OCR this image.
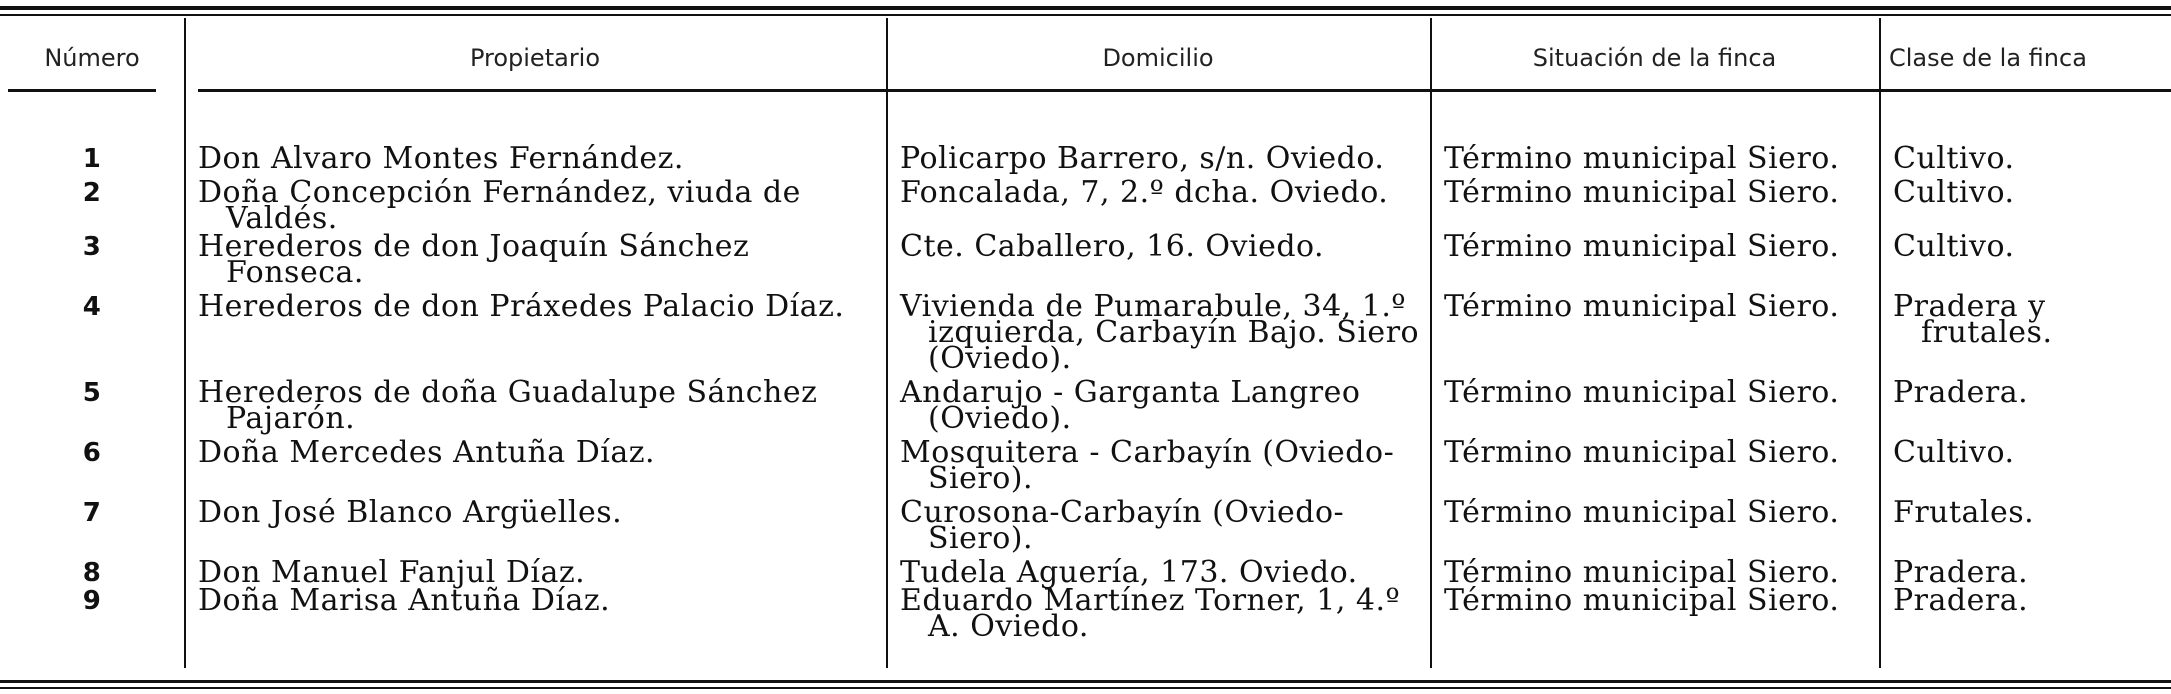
Número	Propietario	Domicilio	Situación de la finca	Clase de la finca

1	Don Alvaro Montes Fernández.	Policarpo Barrero, s/n. Oviedo.	Término municipal Siero.	Cultivo.
2	Doña Concepción Fernández, viuda de Valdés.	Foncalada, 7, 2.º dcha. Oviedo.	Término municipal Siero.	Cultivo.
3	Herederos de don Joaquín Sánchez Fonseca.	Cte. Caballero, 16. Oviedo.	Término municipal Siero.	Cultivo.
4	Herederos de don Práxedes Palacio Díaz.	Vivienda de Pumarabule, 34, 1.º izquierda, Carbayín Bajo. Siero (Oviedo).	Término municipal Siero.	Pradera y frutales.

5	Herederos de doña Guadalupe Sánchez Pajarón.	Andarujo - Garganta Langreo (Oviedo).	Término municipal Siero.	Pradera.
6	Doña Mercedes Antuña Díaz.	Mosquitera - Carbayín (Oviedo-Siero).	Término municipal Siero.	Cultivo.
7	Don José Blanco Argüelles.	Curosona-Carbayín (Oviedo-Siero).	Término municipal Siero.	Frutales.
8	Don Manuel Fanjul Díaz.	Tudela Aguería, 173. Oviedo.	Término municipal Siero.	Pradera.
9	Doña Marisa Antuña Díaz.	Eduardo Martínez Torner, 1, 4.º A. Oviedo.	Término municipal Siero.	Pradera.
